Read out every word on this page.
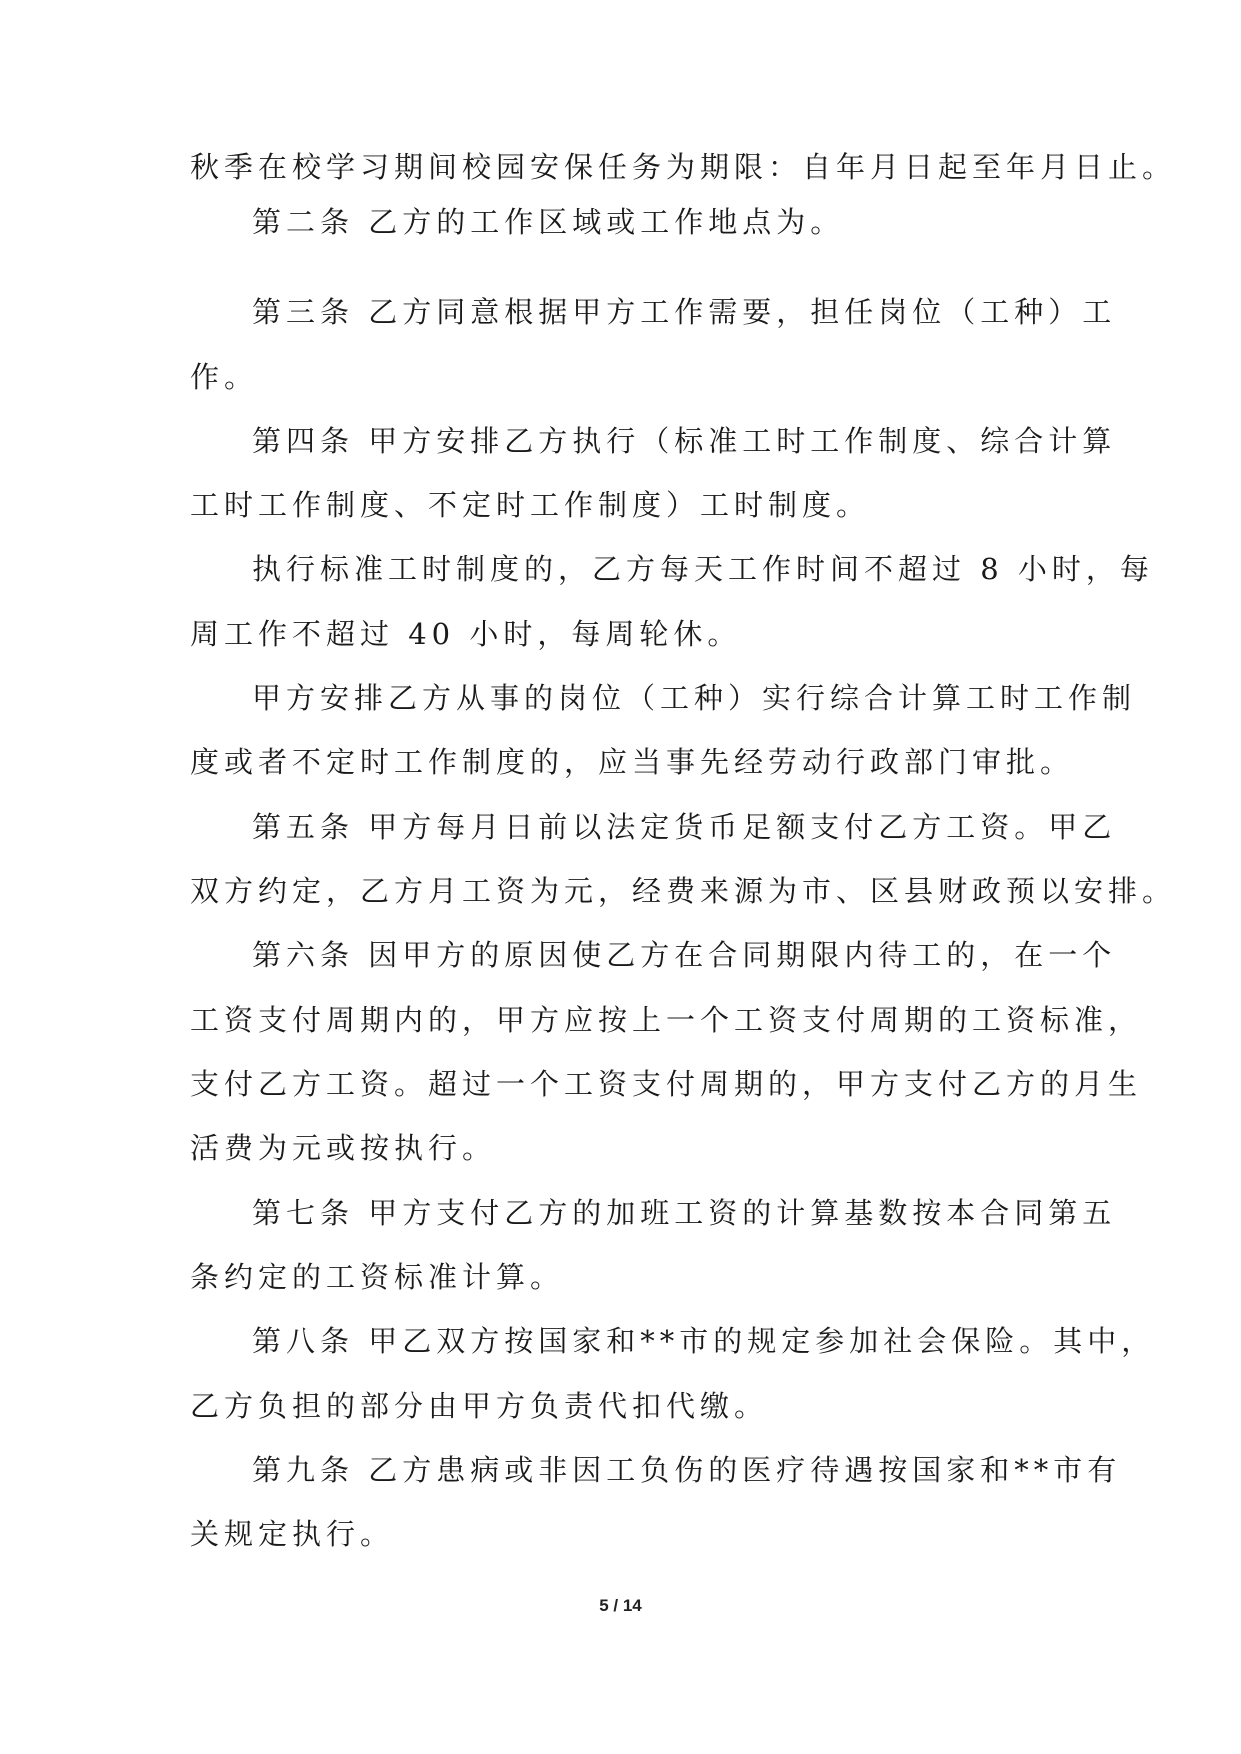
秋季在校学习期间校园安保任务为期限：自年月日起至年月日止。
第二条 乙方的工作区域或工作地点为。
第三条 乙方同意根据甲方工作需要，担任岗位（工种）工
作。
第四条 甲方安排乙方执行（标准工时工作制度、综合计算
工时工作制度、不定时工作制度）工时制度。
执行标准工时制度的，乙方每天工作时间不超过 8 小时，每
周工作不超过 40 小时，每周轮休。
甲方安排乙方从事的岗位（工种）实行综合计算工时工作制
度或者不定时工作制度的，应当事先经劳动行政部门审批。
第五条 甲方每月日前以法定货币足额支付乙方工资。甲乙
双方约定，乙方月工资为元，经费来源为市、区县财政预以安排。
第六条 因甲方的原因使乙方在合同期限内待工的，在一个
工资支付周期内的，甲方应按上一个工资支付周期的工资标准，
支付乙方工资。超过一个工资支付周期的，甲方支付乙方的月生
活费为元或按执行。
第七条 甲方支付乙方的加班工资的计算基数按本合同第五
条约定的工资标准计算。
第八条 甲乙双方按国家和**市的规定参加社会保险。其中，
乙方负担的部分由甲方负责代扣代缴。
第九条 乙方患病或非因工负伤的医疗待遇按国家和**市有
关规定执行。
5 / 14
